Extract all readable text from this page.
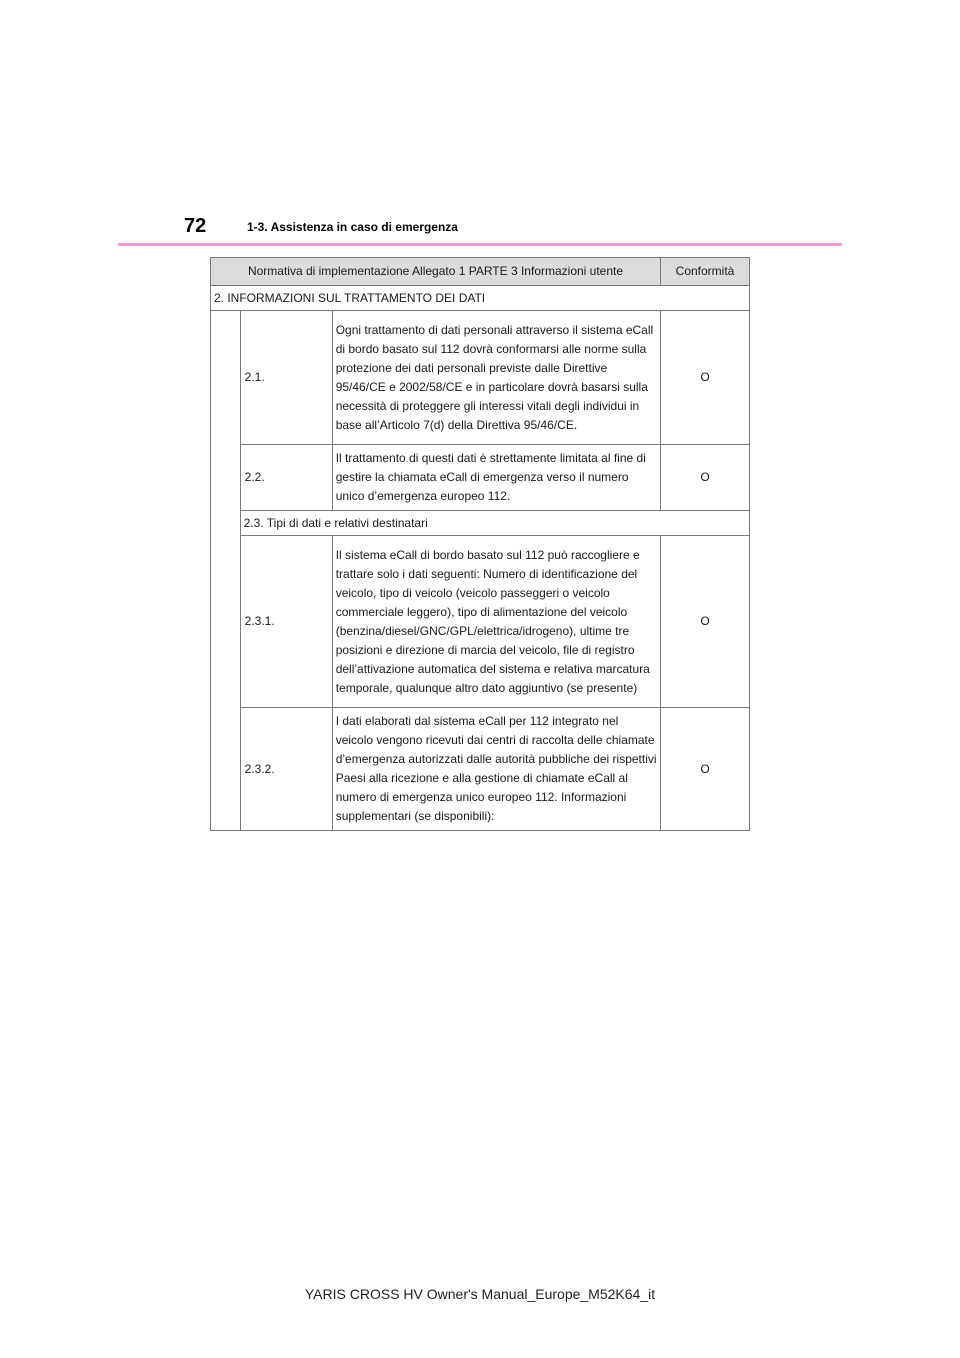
72	1-3. Assistenza in caso di emergenza
Normativa di implementazione Allegato 1 PARTE 3 Informazioni utente			Conformità
2. INFORMAZIONI SUL TRATTAMENTO DEI DATI			
	2.1.	Ogni trattamento di dati personali attraverso il sistema eCall di bordo basato sul 112 dovrà conformarsi alle norme sulla protezione dei dati personali previste dalle Direttive 95/46/CE e 2002/58/CE e in particolare dovrà basarsi sulla necessità di proteggere gli interessi vitali degli individui in base all’Articolo 7(d) della Direttiva 95/46/CE.	O
	2.2.	Il trattamento di questi dati è strettamente limitata al fine di gestire la chiamata eCall di emergenza verso il numero unico d’emergenza europeo 112.	O
	2.3. Tipi di dati e relativi destinatari		
	2.3.1.	Il sistema eCall di bordo basato sul 112 può raccogliere e trattare solo i dati seguenti: Numero di identificazione del veicolo, tipo di veicolo (veicolo passeggeri o veicolo commerciale leggero), tipo di alimentazione del veicolo (benzina/diesel/GNC/GPL/elettrica/idrogeno), ultime tre posizioni e direzione di marcia del veicolo, file di registro dell’attivazione automatica del sistema e relativa marcatura temporale, qualunque altro dato aggiuntivo (se presente)	O
	2.3.2.	I dati elaborati dal sistema eCall per 112 integrato nel veicolo vengono ricevuti dai centri di raccolta delle chiamate d’emergenza autorizzati dalle autorità pubbliche dei rispettivi Paesi alla ricezione e alla gestione di chiamate eCall al numero di emergenza unico europeo 112. Informazioni supplementari (se disponibili):	O
YARIS CROSS HV Owner's Manual_Europe_M52K64_it
